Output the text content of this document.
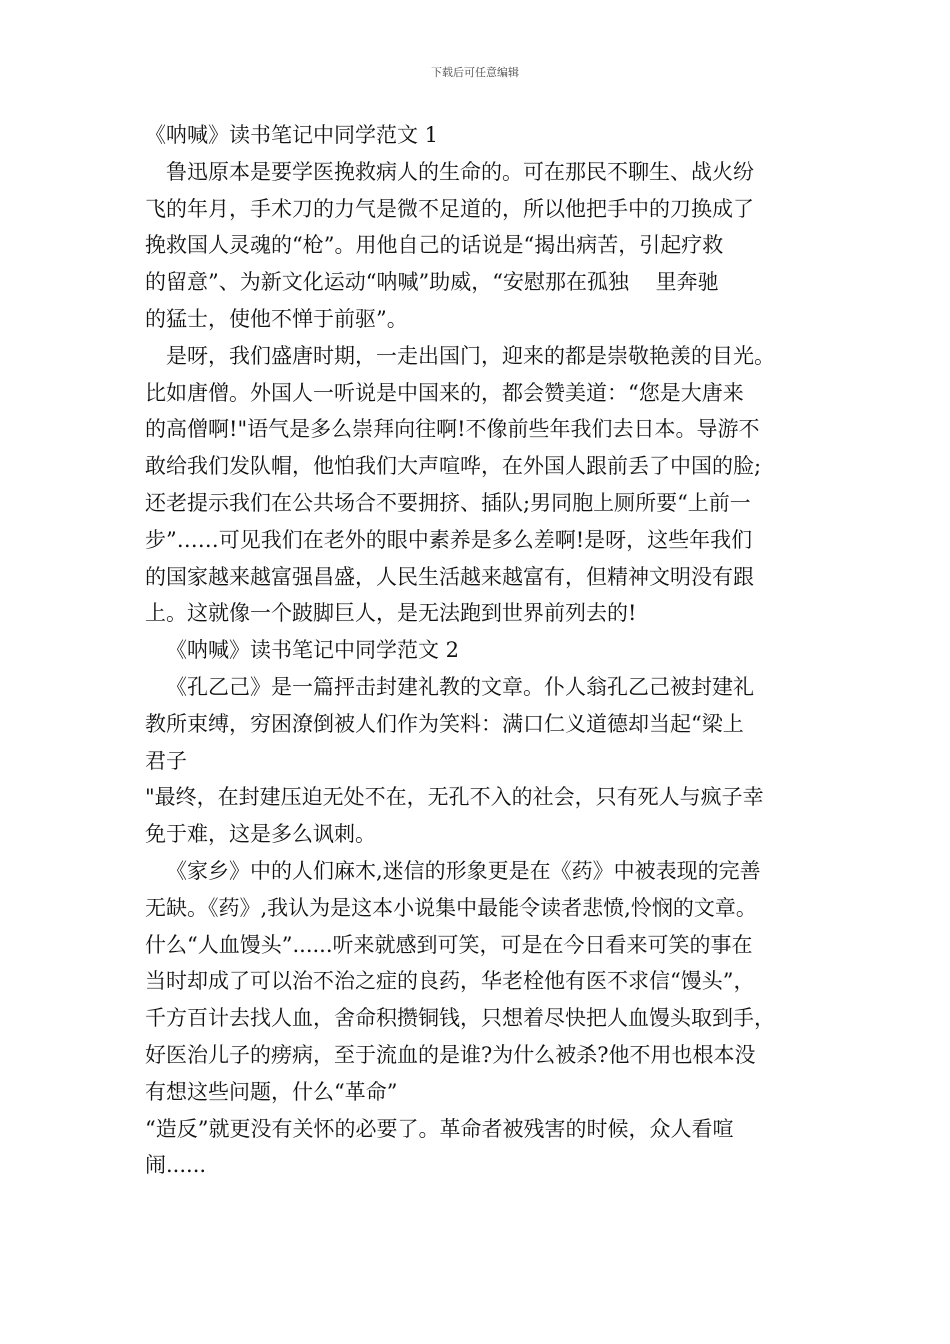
下载后可任意编辑
《呐喊》读书笔记中同学范文 1
鲁迅原本是要学医挽救病人的生命的。可在那民不聊生、战火纷
飞的年月，手术刀的力气是微不足道的，所以他把手中的刀换成了
挽救国人灵魂的“枪”。用他自己的话说是“揭出病苦，引起疗救
的留意”、为新文化运动“呐喊”助威，“安慰那在孤独    里奔驰
的猛士，使他不惮于前驱”。
是呀，我们盛唐时期，一走出国门，迎来的都是崇敬艳羡的目光。
比如唐僧。外国人一听说是中国来的，都会赞美道：“您是大唐来
的高僧啊!"语气是多么崇拜向往啊!不像前些年我们去日本。导游不
敢给我们发队帽，他怕我们大声喧哗，在外国人跟前丢了中国的脸;
还老提示我们在公共场合不要拥挤、插队;男同胞上厕所要“上前一
步”……可见我们在老外的眼中素养是多么差啊!是呀，这些年我们
的国家越来越富强昌盛，人民生活越来越富有，但精神文明没有跟
上。这就像一个跛脚巨人，是无法跑到世界前列去的!
《呐喊》读书笔记中同学范文 2
《孔乙己》是一篇抨击封建礼教的文章。仆人翁孔乙己被封建礼
教所束缚，穷困潦倒被人们作为笑料：满口仁义道德却当起“梁上
君子
"最终，在封建压迫无处不在，无孔不入的社会，只有死人与疯子幸
免于难，这是多么讽刺。
《家乡》中的人们麻木,迷信的形象更是在《药》中被表现的完善
无缺。《药》,我认为是这本小说集中最能令读者悲愤,怜悯的文章。
什么“人血馒头”......听来就感到可笑，可是在今日看来可笑的事在
当时却成了可以治不治之症的良药，华老栓他有医不求信“馒头”，
千方百计去找人血，舍命积攒铜钱，只想着尽快把人血馒头取到手，
好医治儿子的痨病，至于流血的是谁?为什么被杀?他不用也根本没
有想这些问题，什么“革命”
“造反”就更没有关怀的必要了。革命者被残害的时候，众人看喧
闹......
